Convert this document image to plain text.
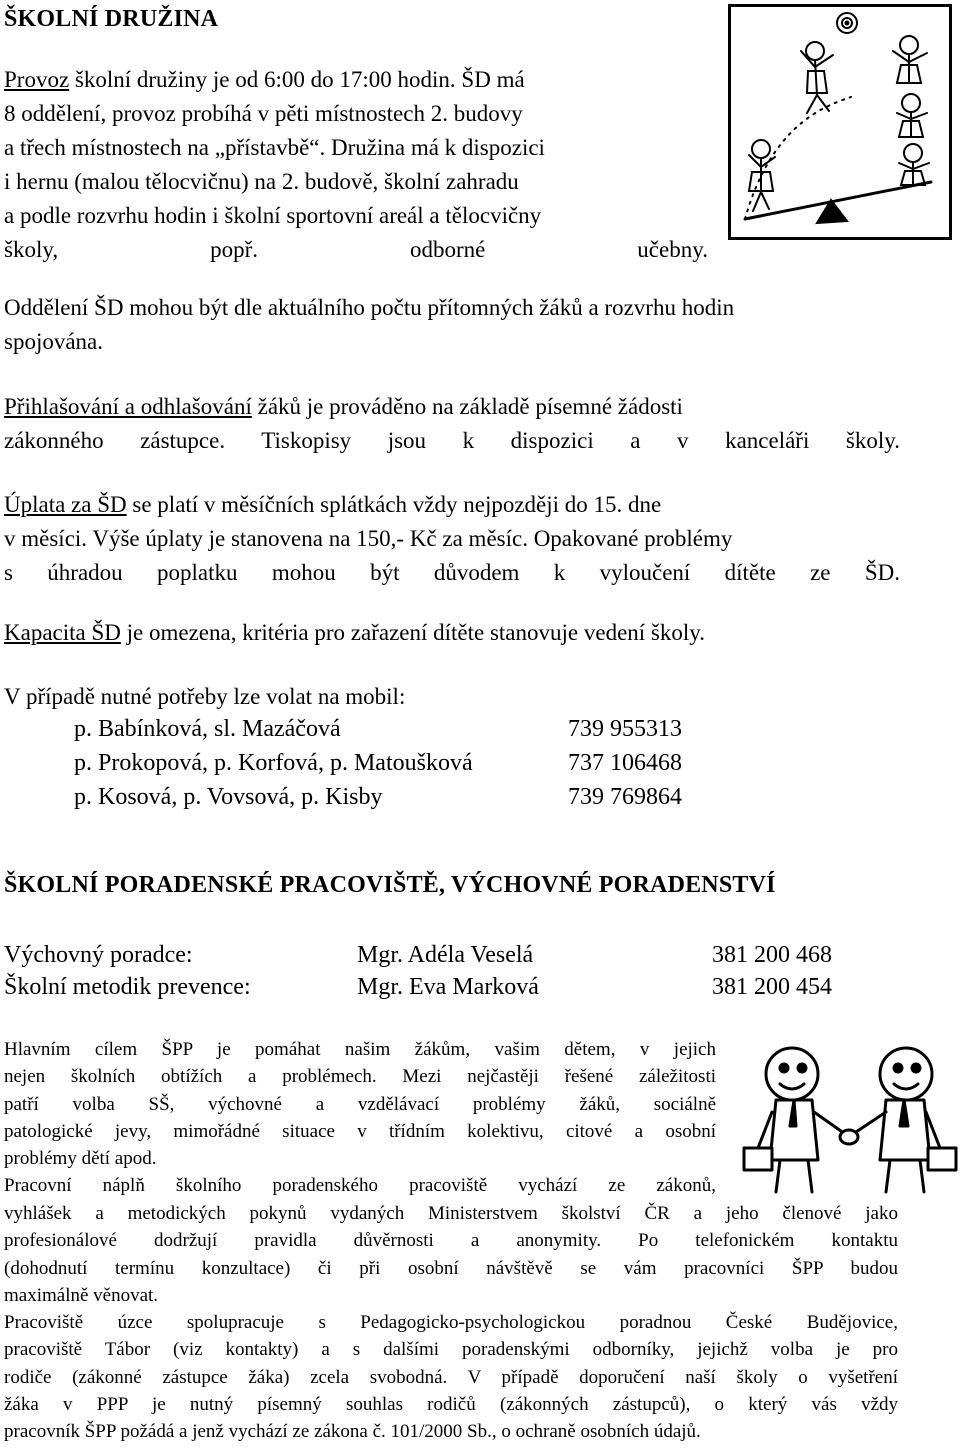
ŠKOLNÍ DRUŽINA
Provoz školní družiny je od 6:00 do 17:00 hodin. ŠD má
8 oddělení, provoz probíhá v pěti místnostech 2. budovy
a třech místnostech na „přístavbě“. Družina má k dispozici
i hernu (malou tělocvičnu) na 2. budově, školní zahradu
a podle rozvrhu hodin i školní sportovní areál a tělocvičny
školy, popř. odborné učebny.
Oddělení ŠD mohou být dle aktuálního počtu přítomných žáků a rozvrhu hodin
spojována.
Přihlašování a odhlašování žáků je prováděno na základě písemné žádosti
zákonného zástupce. Tiskopisy jsou k dispozici a v kanceláři školy.
Úplata za ŠD se platí v měsíčních splátkách vždy nejpozději do 15. dne
v měsíci. Výše úplaty je stanovena na 150,- Kč za měsíc. Opakované problémy
s úhradou poplatku mohou být důvodem k vyloučení dítěte ze ŠD.
Kapacita ŠD je omezena, kritéria pro zařazení dítěte stanovuje vedení školy.
V případě nutné potřeby lze volat na mobil:
p. Babínková, sl. Mazáčová	739 955313
p. Prokopová, p. Korfová, p. Matoušková	737 106468
p. Kosová, p. Vovsová, p. Kisby	739 769864
ŠKOLNÍ PORADENSKÉ PRACOVIŠTĚ, VÝCHOVNÉ PORADENSTVÍ
Výchovný poradce:	Mgr. Adéla Veselá	381 200 468
Školní metodik prevence:	Mgr. Eva Marková	381 200 454
Hlavním cílem ŠPP je pomáhat našim žákům, vašim dětem, v jejich
nejen školních obtížích a problémech. Mezi nejčastěji řešené záležitosti
patří volba SŠ, výchovné a vzdělávací problémy žáků, sociálně
patologické jevy, mimořádné situace v třídním kolektivu, citové a osobní
problémy dětí apod.
Pracovní náplň školního poradenského pracoviště vychází ze zákonů,
vyhlášek a metodických pokynů vydaných Ministerstvem školství ČR a jeho členové jako
profesionálové dodržují pravidla důvěrnosti a anonymity. Po telefonickém kontaktu
(dohodnutí termínu konzultace) či při osobní návštěvě se vám pracovníci ŠPP budou
maximálně věnovat.
Pracoviště úzce spolupracuje s Pedagogicko-psychologickou poradnou České Budějovice,
pracoviště Tábor (viz kontakty) a s dalšími poradenskými odborníky, jejichž volba je pro
rodiče (zákonné zástupce žáka) zcela svobodná. V případě doporučení naší školy o vyšetření
žáka v PPP je nutný písemný souhlas rodičů (zákonných zástupců), o který vás vždy
pracovník ŠPP požádá a jenž vychází ze zákona č. 101/2000 Sb., o ochraně osobních údajů.
